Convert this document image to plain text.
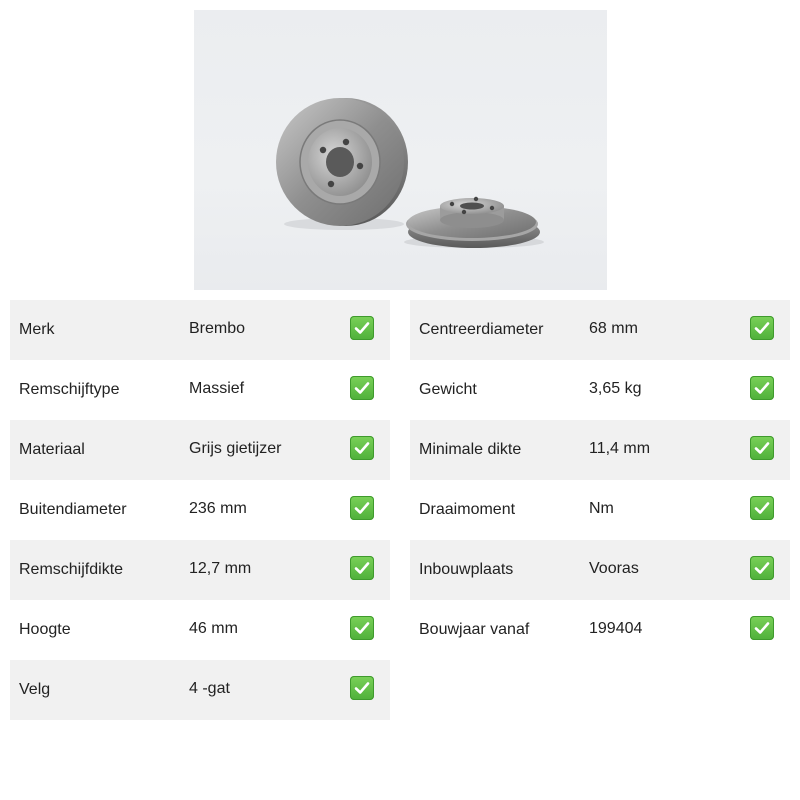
Merk	Brembo
Remschijftype	Massief
Materiaal	Grijs gietijzer
Buitendiameter	236 mm
Remschijfdikte	12,7 mm
Hoogte	46 mm
Velg	4 -gat
Centreerdiameter	68 mm
Gewicht	3,65 kg
Minimale dikte	11,4 mm
Draaimoment	Nm
Inbouwplaats	Vooras
Bouwjaar vanaf	199404
